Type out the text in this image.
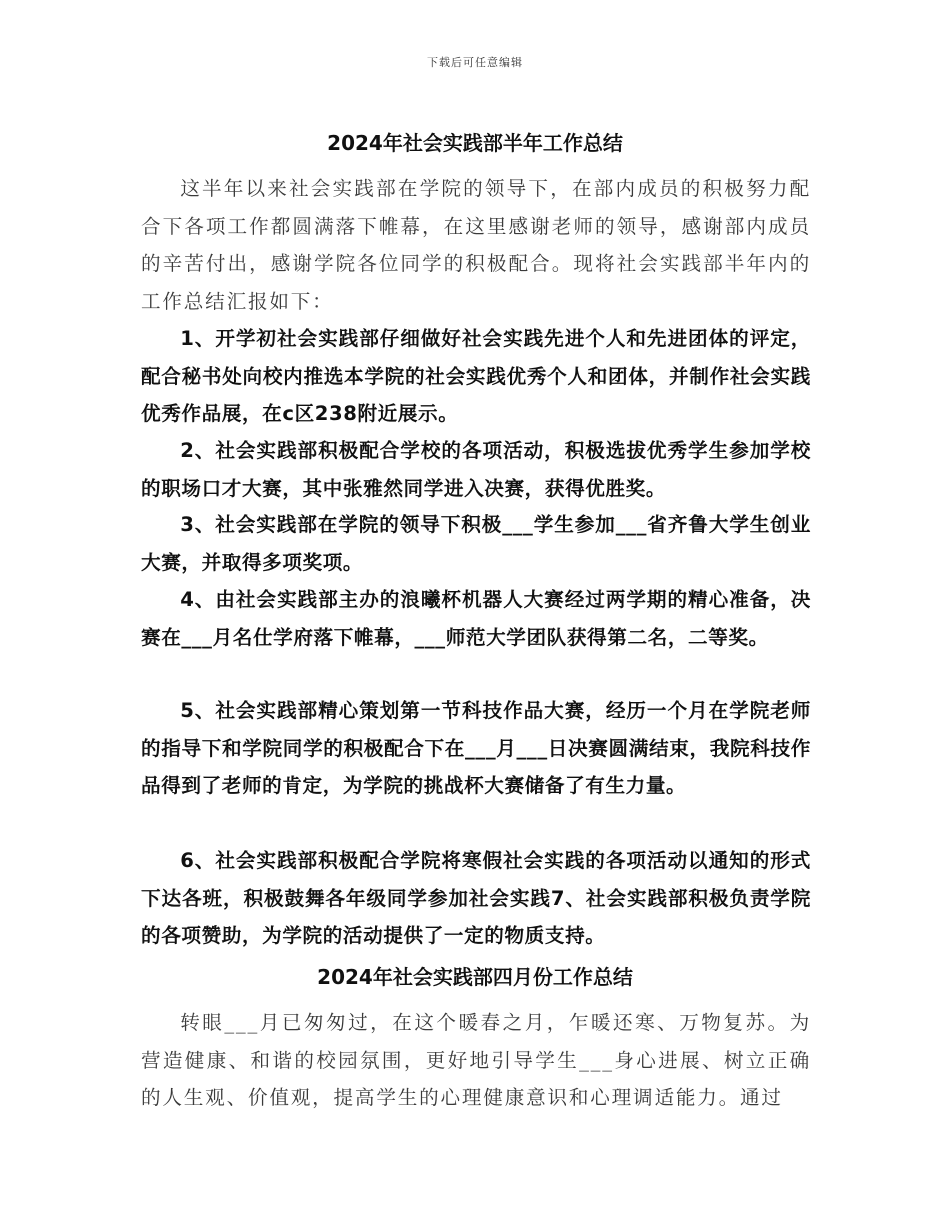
下载后可任意编辑
2024年社会实践部半年工作总结
这半年以来社会实践部在学院的领导下，在部内成员的积极努力配合下各项工作都圆满落下帷幕，在这里感谢老师的领导，感谢部内成员的辛苦付出，感谢学院各位同学的积极配合。现将社会实践部半年内的工作总结汇报如下：
1、开学初社会实践部仔细做好社会实践先进个人和先进团体的评定，配合秘书处向校内推选本学院的社会实践优秀个人和团体，并制作社会实践优秀作品展，在c区238附近展示。
2、社会实践部积极配合学校的各项活动，积极选拔优秀学生参加学校的职场口才大赛，其中张雅然同学进入决赛，获得优胜奖。
3、社会实践部在学院的领导下积极___学生参加___省齐鲁大学生创业大赛，并取得多项奖项。
4、由社会实践部主办的浪曦杯机器人大赛经过两学期的精心准备，决赛在___月名仕学府落下帷幕，___师范大学团队获得第二名，二等奖。
5、社会实践部精心策划第一节科技作品大赛，经历一个月在学院老师的指导下和学院同学的积极配合下在___月___日决赛圆满结束，我院科技作品得到了老师的肯定，为学院的挑战杯大赛储备了有生力量。
6、社会实践部积极配合学院将寒假社会实践的各项活动以通知的形式下达各班，积极鼓舞各年级同学参加社会实践7、社会实践部积极负责学院的各项赞助，为学院的活动提供了一定的物质支持。
2024年社会实践部四月份工作总结
转眼___月已匆匆过，在这个暖春之月，乍暖还寒、万物复苏。为营造健康、和谐的校园氛围，更好地引导学生___身心进展、树立正确的人生观、价值观，提高学生的心理健康意识和心理调适能力。通过
